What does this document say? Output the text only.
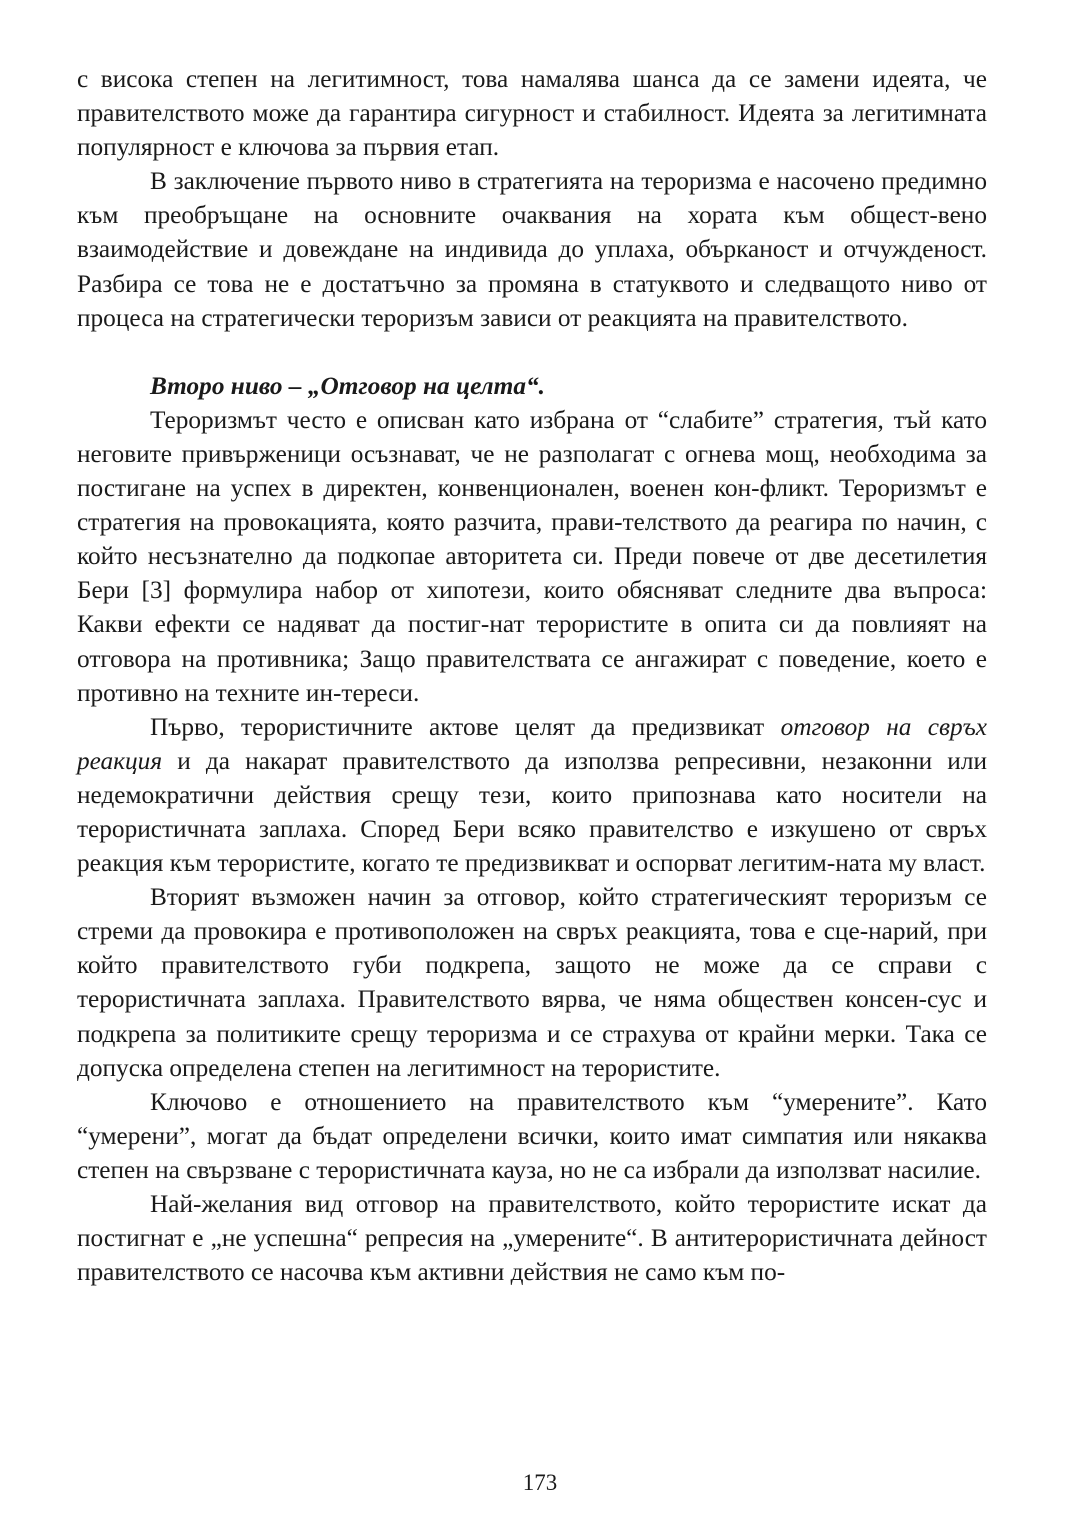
с висока степен на легитимност, това намалява шанса да се замени идеята, че правителството може да гарантира сигурност и стабилност. Идеята за легитимната популярност е ключова за първия етап.

В заключение първото ниво в стратегията на тероризма е насочено предимно към преобръщане на основните очаквания на хората към общест-вено взаимодействие и довеждане на индивида до уплаха, обърканост и отчужденост. Разбира се това не е достатъчно за промяна в статуквото и следващото ниво от процеса на стратегически тероризъм зависи от реакцията на правителството.

Второ ниво – „Отговор на целта“.

Тероризмът често е описван като избрана от “слабите” стратегия, тъй като неговите привърженици осъзнават, че не разполагат с огнева мощ, необходима за постигане на успех в директен, конвенционален, военен кон-фликт. Тероризмът е стратегия на провокацията, която разчита, прави-телството да реагира по начин, с който несъзнателно да подкопае авторитета си. Преди повече от две десетилетия Бери [3] формулира набор от хипотези, които обясняват следните два въпроса: Какви ефекти се надяват да постиг-нат терористите в опита си да повлияят на отговора на противника; Защо правителствата се ангажират с поведение, което е противно на техните ин-тереси.

Първо, терористичните актове целят да предизвикат отговор на свръх реакция и да накарат правителството да използва репресивни, незаконни или недемократични действия срещу тези, които припознава като носители на терористичната заплаха. Според Бери всяко правителство е изкушено от свръх реакция към терористите, когато те предизвикват и оспорват легитим-ната му власт.

Вторият възможен начин за отговор, който стратегическият тероризъм се стреми да провокира е противоположен на свръх реакцията, това е сце-нарий, при който правителството губи подкрепа, защото не може да се справи с терористичната заплаха. Правителството вярва, че няма обществен консен-сус и подкрепа за политиките срещу тероризма и се страхува от крайни мерки. Така се допуска определена степен на легитимност на терористите.

Ключово е отношението на правителството към “умерените”. Като “умерени”, могат да бъдат определени всички, които имат симпатия или някаква степен на свързване с терористичната кауза, но не са избрали да използват насилие.

Най-желания вид отговор на правителството, който терористите искат да постигнат е „не успешна“ репресия на „умерените“. В антитерористичната дейност правителството се насочва към активни действия не само към по-

173
